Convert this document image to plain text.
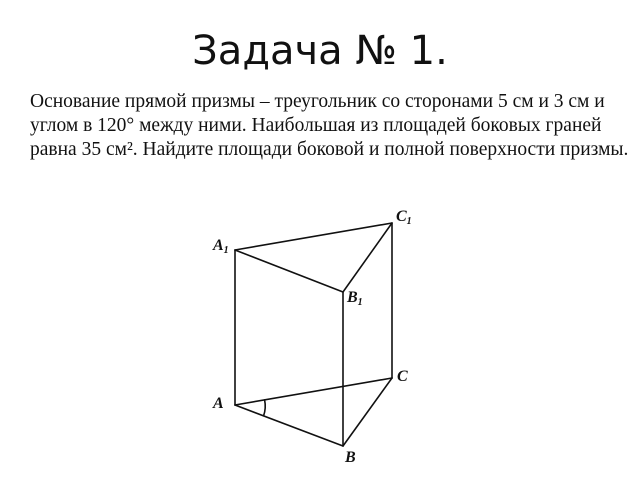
Задача № 1.

Основание прямой призмы – треугольник со сторонами 5 см и 3 см и углом в 120° между ними. Наибольшая из площадей боковых граней равна 35 см². Найдите площади боковой и полной поверхности призмы.

A1
B1
C1
A
B
C
